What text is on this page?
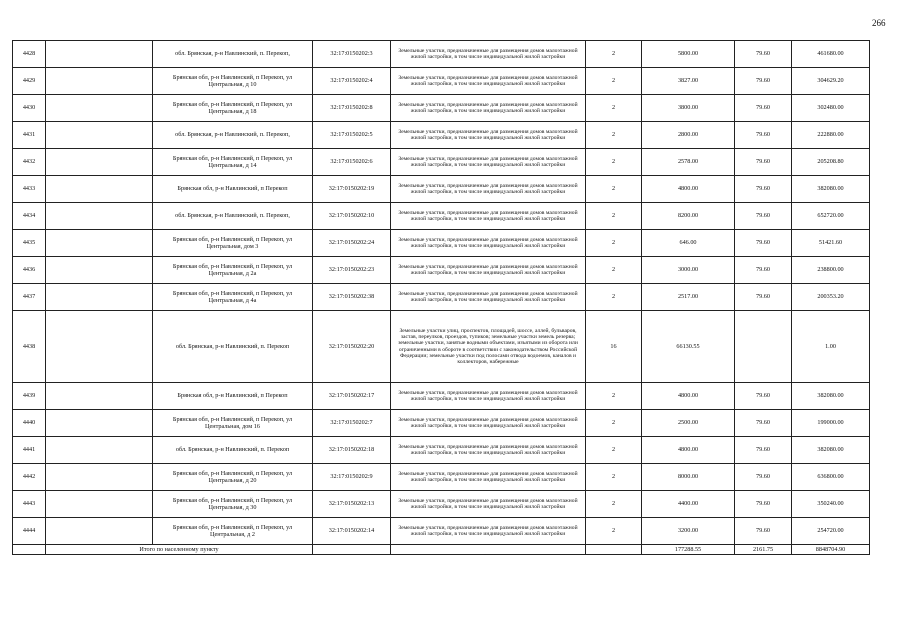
266
4428		обл. Брянская, р-н Навлинский, п. Перекоп,	32:17:0150202:3	Земельные участки, предназначенные для размещения домов малоэтажной жилой застройки, в том числе индивидуальной жилой застройки	2	5800.00	79.60	461680.00
4429		Брянская обл, р-н Навлинский, п Перекоп, ул Центральная, д 10	32:17:0150202:4	Земельные участки, предназначенные для размещения домов малоэтажной жилой застройки, в том числе индивидуальной жилой застройки	2	3827.00	79.60	304629.20
4430		Брянская обл, р-н Навлинский, п Перекоп, ул Центральная, д 18	32:17:0150202:8	Земельные участки, предназначенные для размещения домов малоэтажной жилой застройки, в том числе индивидуальной жилой застройки	2	3800.00	79.60	302480.00
4431		обл. Брянская, р-н Навлинский, п. Перекоп,	32:17:0150202:5	Земельные участки, предназначенные для размещения домов малоэтажной жилой застройки, в том числе индивидуальной жилой застройки	2	2800.00	79.60	222880.00
4432		Брянская обл, р-н Навлинский, п Перекоп, ул Центральная, д 14	32:17:0150202:6	Земельные участки, предназначенные для размещения домов малоэтажной жилой застройки, в том числе индивидуальной жилой застройки	2	2578.00	79.60	205208.80
4433		Брянская обл, р-н Навлинский, п Перекоп	32:17:0150202:19	Земельные участки, предназначенные для размещения домов малоэтажной жилой застройки, в том числе индивидуальной жилой застройки	2	4800.00	79.60	382080.00
4434		обл. Брянская, р-н Навлинский, п. Перекоп,	32:17:0150202:10	Земельные участки, предназначенные для размещения домов малоэтажной жилой застройки, в том числе индивидуальной жилой застройки	2	8200.00	79.60	652720.00
4435		Брянская обл, р-н Навлинский, п Перекоп, ул Центральная, дом 3	32:17:0150202:24	Земельные участки, предназначенные для размещения домов малоэтажной жилой застройки, в том числе индивидуальной жилой застройки	2	646.00	79.60	51421.60
4436		Брянская обл, р-н Навлинский, п Перекоп, ул Центральная, д 2а	32:17:0150202:23	Земельные участки, предназначенные для размещения домов малоэтажной жилой застройки, в том числе индивидуальной жилой застройки	2	3000.00	79.60	238800.00
4437		Брянская обл, р-н Навлинский, п Перекоп, ул Центральная, д 4а	32:17:0150202:38	Земельные участки, предназначенные для размещения домов малоэтажной жилой застройки, в том числе индивидуальной жилой застройки	2	2517.00	79.60	200353.20
4438		обл. Брянская, р-н Навлинский, п. Перекоп	32:17:0150202:20	Земельные участки улиц, проспектов, площадей, шоссе, аллей, бульваров, застав, переулков, проездов, тупиков; земельные участки земель резерва; земельные участки, занятые водными объектами, изъятыми из оборота или ограниченными в обороте в соответствии с законодательством Российской Федерации; земельные участки под полосами отвода водоемов, каналов и коллекторов, набережные	16	66130.55		1.00
4439		Брянская обл, р-н Навлинский, п Перекоп	32:17:0150202:17	Земельные участки, предназначенные для размещения домов малоэтажной жилой застройки, в том числе индивидуальной жилой застройки	2	4800.00	79.60	382080.00
4440		Брянская обл, р-н Навлинский, п Перекоп, ул Центральная, дом 16	32:17:0150202:7	Земельные участки, предназначенные для размещения домов малоэтажной жилой застройки, в том числе индивидуальной жилой застройки	2	2500.00	79.60	199000.00
4441		обл. Брянская, р-н Навлинский, п. Перекоп	32:17:0150202:18	Земельные участки, предназначенные для размещения домов малоэтажной жилой застройки, в том числе индивидуальной жилой застройки	2	4800.00	79.60	382080.00
4442		Брянская обл, р-н Навлинский, п Перекоп, ул Центральная, д 20	32:17:0150202:9	Земельные участки, предназначенные для размещения домов малоэтажной жилой застройки, в том числе индивидуальной жилой застройки	2	8000.00	79.60	636800.00
4443		Брянская обл, р-н Навлинский, п Перекоп, ул Центральная, д 30	32:17:0150202:13	Земельные участки, предназначенные для размещения домов малоэтажной жилой застройки, в том числе индивидуальной жилой застройки	2	4400.00	79.60	350240.00
4444		Брянская обл, р-н Навлинский, п Перекоп, ул Центральная, д 2	32:17:0150202:14	Земельные участки, предназначенные для размещения домов малоэтажной жилой застройки, в том числе индивидуальной жилой застройки	2	3200.00	79.60	254720.00
	Итого по населенному пункту					177288.55	2161.75	8848704.90
